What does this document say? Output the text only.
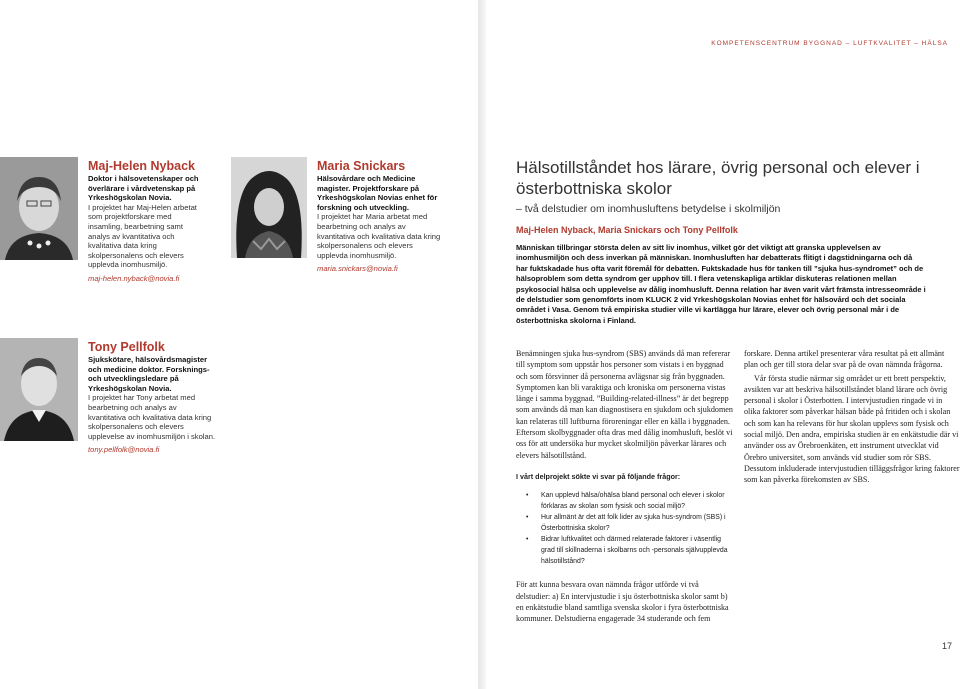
Maj-Helen Nyback
Doktor i hälsovetenskaper och överlärare i vårdvetenskap på Yrkeshögskolan Novia.
I projektet har Maj-Helen arbetat som projektforskare med insamling, bearbetning samt analys av kvantitativa och kvalitativa data kring skolpersonalens och elevers upplevda inomhusmiljö.
maj-helen.nyback@novia.fi
Maria Snickars
Hälsovårdare och Medicine magister. Projektforskare på Yrkeshögskolan Novias enhet för forskning och utveckling.
I projektet har Maria arbetat med bearbetning och analys av kvantitativa och kvalitativa data kring skolpersonalens och elevers upplevda inomhusmiljö.
maria.snickars@novia.fi
Tony Pellfolk
Sjukskötare, hälsovårdsmagister och medicine doktor. Forsknings- och utvecklingsledare på Yrkeshögskolan Novia.
I projektet har Tony arbetat med bearbetning och analys av kvantitativa och kvalitativa data kring skolpersonalens och elevers upplevelse av inomhusmiljön i skolan.
tony.pellfolk@novia.fi
KOMPETENSCENTRUM BYGGNAD – LUFTKVALITET – HÄLSA
Hälsotillståndet hos lärare, övrig personal och elever i österbottniska skolor
– två delstudier om inomhusluftens betydelse i skolmiljön
Maj-Helen Nyback, Maria Snickars och Tony Pellfolk
Människan tillbringar största delen av sitt liv inomhus, vilket gör det viktigt att granska upplevelsen av inomhusmiljön och dess inverkan på människan. Inomhusluften har debatterats flitigt i dagstidningarna och då har fuktskadade hus ofta varit föremål för debatten. Fuktskadade hus för tanken till ”sjuka hus-syndromet” och de hälsoproblem som detta syndrom ger upphov till. I flera vetenskapliga artiklar diskuteras relationen mellan psykosocial hälsa och upplevelse av dålig inomhusluft. Denna relation har även varit vårt främsta intresseområde i de delstudier som genomförts inom KLUCK 2 vid Yrkeshögskolan Novias enhet för hälsovård och det sociala området i Vasa. Genom två empiriska studier ville vi kartlägga hur lärare, elever och övrig personal mår i de österbottniska skolorna i Finland.

Benämningen sjuka hus-syndrom (SBS) används då man refererar till symptom som uppstår hos personer som vistats i en byggnad och som försvinner då personerna avlägsnar sig från byggnaden. Symptomen kan bli varaktiga och kroniska om personerna vistas länge i samma byggnad. ”Building-related-illness” är det begrepp som används då man kan diagnostisera en sjukdom och sjukdomen kan relateras till luftburna föroreningar eller en källa i byggnaden. Eftersom skolbyggnader ofta dras med dålig inomhusluft, beslöt vi oss för att undersöka hur mycket skolmiljön påverkar lärares och elevers hälsotillstånd.

I vårt delprojekt sökte vi svar på följande frågor:
• Kan upplevd hälsa/ohälsa bland personal och elever i skolor förklaras av skolan som fysisk och social miljö?
• Hur allmänt är det att folk lider av sjuka hus-syndrom (SBS) i Österbottniska skolor?
• Bidrar luftkvalitet och därmed relaterade faktorer i väsentlig grad till skillnaderna i skolbarns och -personals självupplevda hälsotillstånd?

För att kunna besvara ovan nämnda frågor utförde vi två delstudier: a) En intervjustudie i sju österbottniska skolor samt b) en enkätstudie bland samtliga svenska skolor i fyra österbottniska kommuner. Delstudierna engagerade 34 studerande och fem

forskare. Denna artikel presenterar våra resultat på ett allmänt plan och ger till stora delar svar på de ovan nämnda frågorna.

Vår första studie närmar sig området ur ett brett perspektiv, avsikten var att beskriva hälsotillståndet bland lärare och övrig personal i skolor i Österbotten. I intervjustudien ringade vi in olika faktorer som påverkar hälsan både på fritiden och i skolan och som kan ha relevans för hur skolan upplevs som fysisk och social miljö. Den andra, empiriska studien är en enkätstudie där vi använder oss av Örebroenkäten, ett instrument utvecklat vid Örebro universitet, som används vid studier som rör SBS. Dessutom inkluderade intervjustudien tilläggsfrågor kring faktorer som kan påverka förekomsten av SBS.

17
